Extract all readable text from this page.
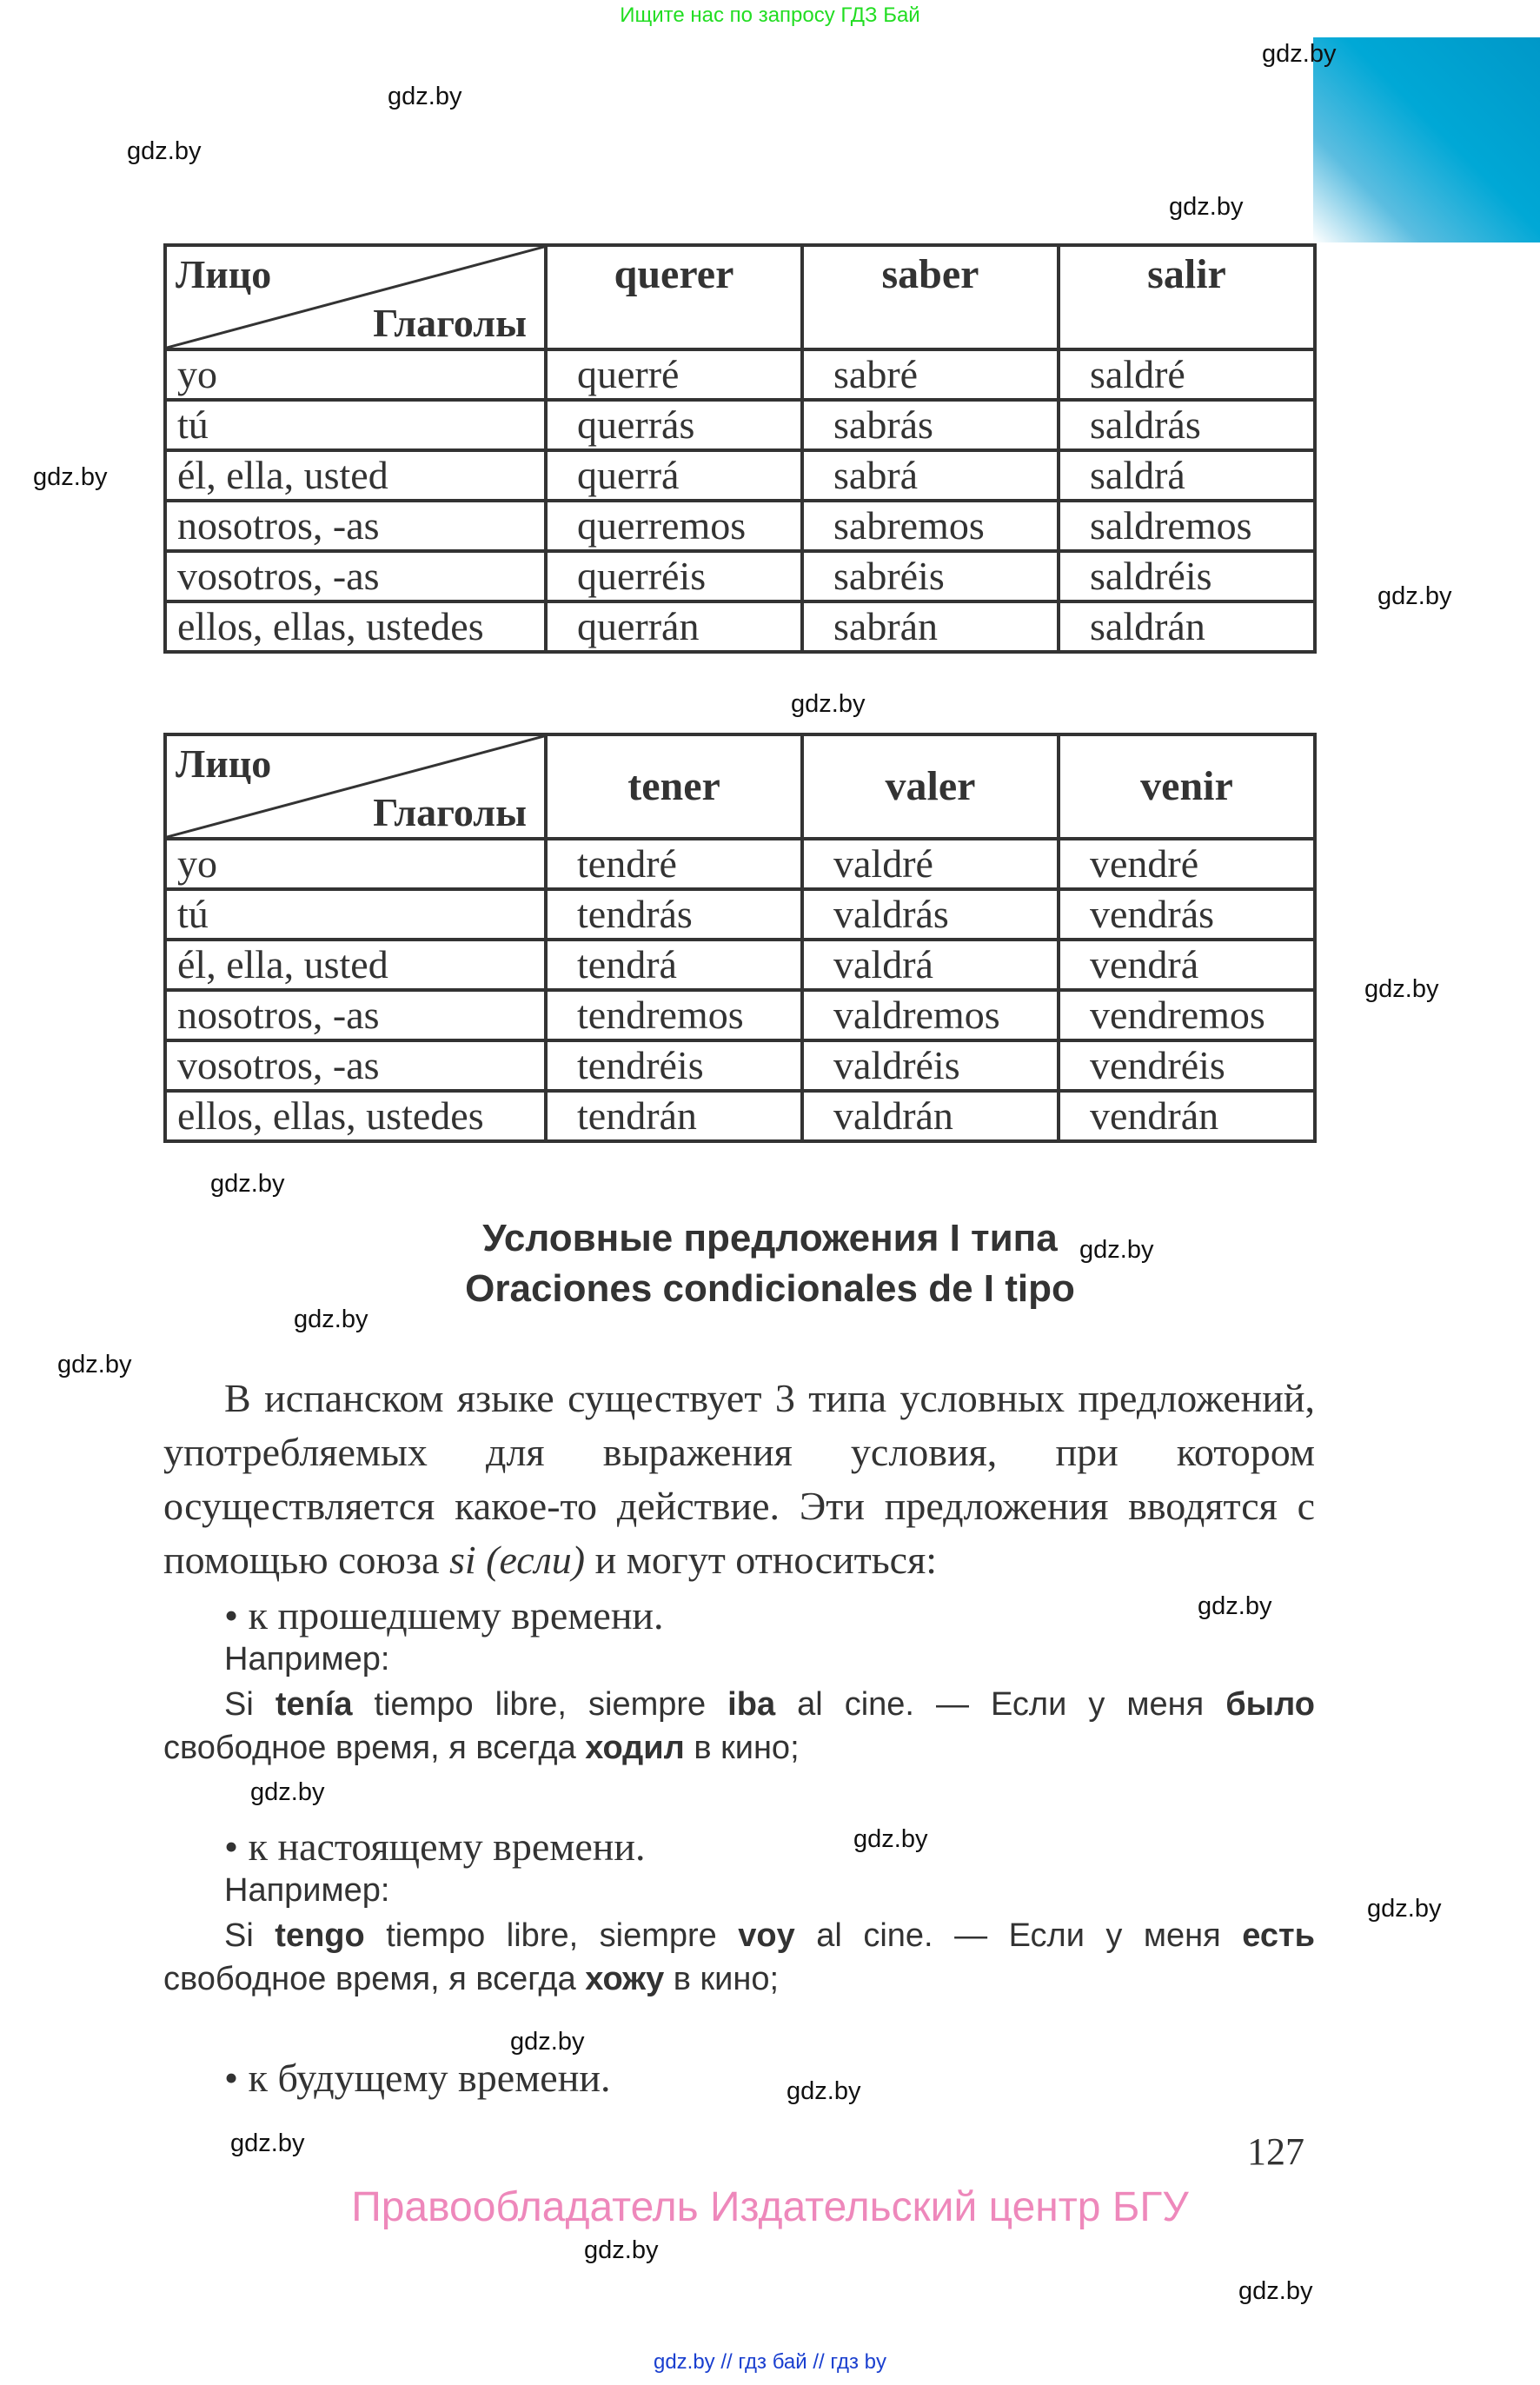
Ищите нас по запросу ГДЗ Бай
gdz.by
gdz.by
gdz.by
gdz.by
gdz.by
gdz.by
gdz.by
gdz.by
gdz.by
gdz.by
gdz.by
gdz.by
gdz.by
gdz.by
gdz.by
gdz.by
gdz.by
gdz.by
gdz.by
gdz.by
gdz.by
Лицо
Глаголы	querer	saber	salir
yo	querré	sabré	saldré
tú	querrás	sabrás	saldrás
él, ella, usted	querrá	sabrá	saldrá
nosotros, -as	querremos	sabremos	saldremos
vosotros, -as	querréis	sabréis	saldréis
ellos, ellas, ustedes	querrán	sabrán	saldrán
Лицо
Глаголы	tener	valer	venir
yo	tendré	valdré	vendré
tú	tendrás	valdrás	vendrás
él, ella, usted	tendrá	valdrá	vendrá
nosotros, -as	tendremos	valdremos	vendremos
vosotros, -as	tendréis	valdréis	vendréis
ellos, ellas, ustedes	tendrán	valdrán	vendrán
Условные предложения I типа
Oraciones condicionales de I tipo
В испанском языке существует 3 типа условных предложений, употребляемых для выражения условия, при котором осуществляется какое-то действие. Эти предложения вводятся с помощью союза si (если) и могут относиться:
• к прошедшему времени.
Например:
Si tenía tiempo libre, siempre iba al cine. — Если у меня было свободное время, я всегда ходил в кино;
• к настоящему времени.
Например:
Si tengo tiempo libre, siempre voy al cine. — Если у меня есть свободное время, я всегда хожу в кино;
• к будущему времени.
127
Правообладатель Издательский центр БГУ
gdz.by // гдз бай // гдз by
